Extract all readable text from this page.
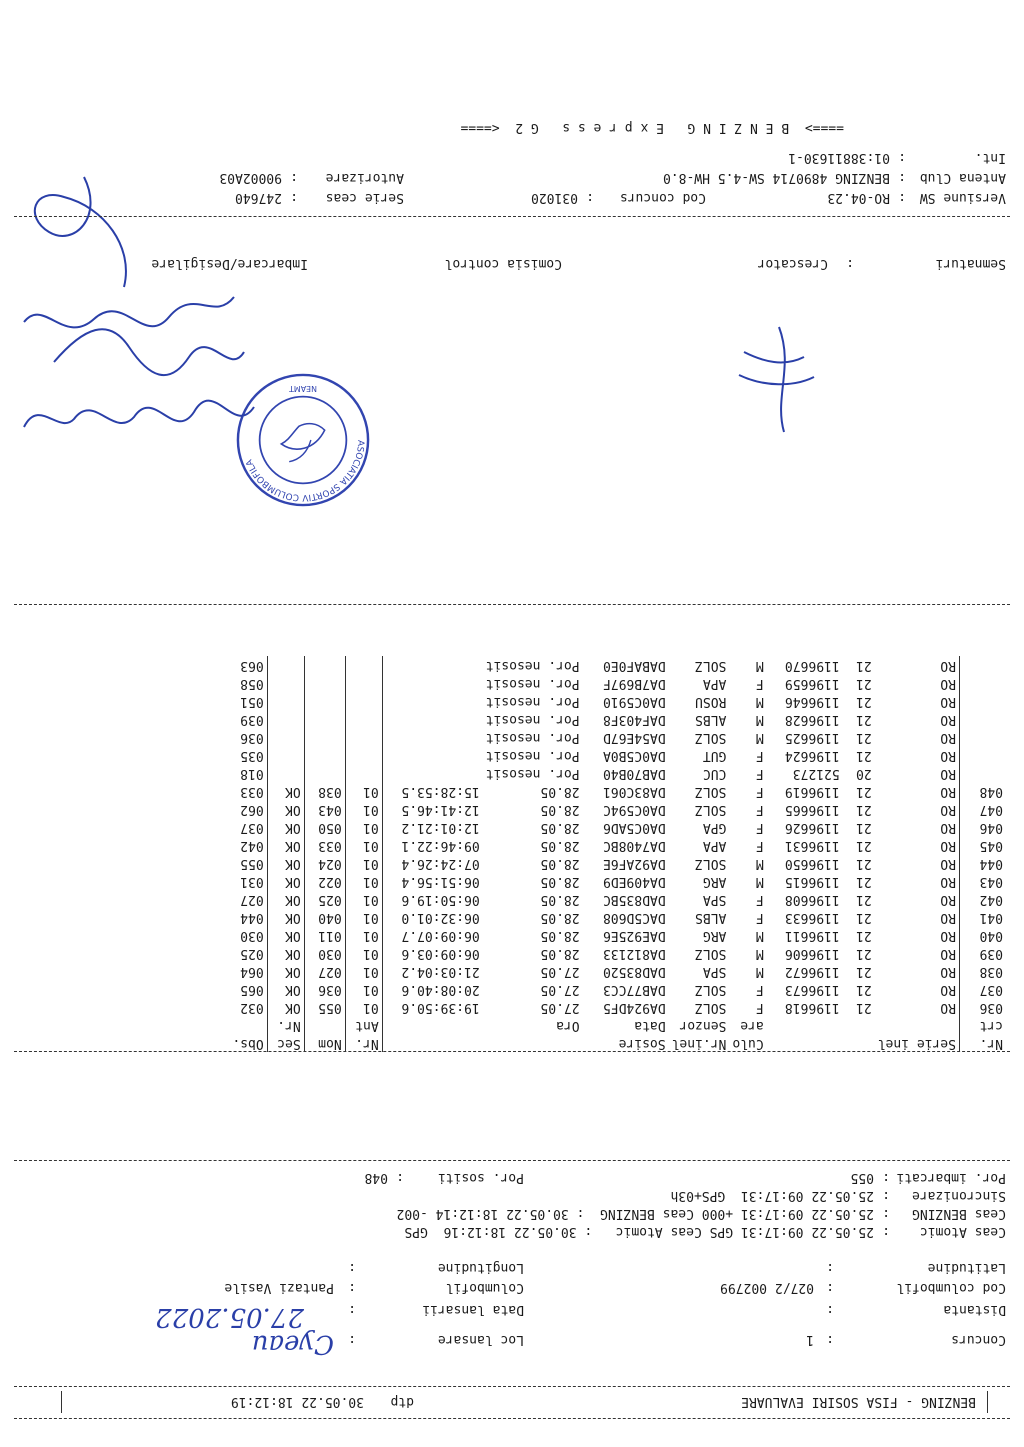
BENZING - FISA SOSIRI EVALUARE
dtp
30.05.22 18:12:19
Concurs
:
1
Loc lansare
:
Cyeau
Distanta
:
Data lansarii
:
27.05.2022
Cod columbofil
:
027/2 002799
Columbofil
:
Pantazi Vasile
Latitudine
:
Longitudine
:
Ceas Atomic
:
25.05.22 09:17:31 GPS Ceas Atomic   : 30.05.22 18:12:16  GPS
Ceas BENZING
:
25.05.22 09:17:31 +000 Ceas BENZING  : 30.05.22 18:12:14 -002
Sincronizare
:
25.05.22 09:17:31  GPS+03h
Por. imbarcati
:
055
Por. sositi
:
048
Nr.	Serie inel			Culo	Nr.inel	Sosire			Nr.	Nom	Sec	Obs.
crt				are	Senzor	Data	Ora		Ant		Nr.	
036	RO	21	1196618	F	SOLZ	DA924DF5	27.05	19:39:50.6	01	055	OK	032
037	RO	21	1196673	F	SOLZ	DAB77CC3	27.05	20:08:40.6	01	036	OK	065
038	RO	21	1196672	M	SPA	DAD83520	27.05	21:03:04.2	01	027	OK	064
039	RO	21	1196606	M	SOLZ	DA812133	28.05	06:09:03.6	01	030	OK	025
040	RO	21	1196611	M	ARG	DAE925E6	28.05	06:09:07.7	01	011	OK	030
041	RO	21	1196633	F	ALBS	DAC5D608	28.05	06:32:01.0	01	040	OK	044
042	RO	21	1196608	F	SPA	DAD835BC	28.05	06:50:19.6	01	025	OK	027
043	RO	21	1196615	M	ARG	DA409ED9	28.05	06:51:56.4	01	022	OK	031
044	RO	21	1196650	M	SOLZ	DA92AF6E	28.05	07:24:26.4	01	024	OK	055
045	RO	21	1196631	F	APA	DA7408BC	28.05	09:46:22.1	01	033	OK	042
046	RO	21	1196626	F	GPA	DA0C5AD6	28.05	12:01:21.2	01	050	OK	037
047	RO	21	1196665	F	SOLZ	DA0C594C	28.05	12:41:46.5	01	043	OK	062
048	RO	21	1196619	F	SOLZ	DA83C061	28.05	15:28:53.5	01	038	OK	033
	RO	20	521273	F	CUC	DAB70B40	Por. nesosit					018
	RO	21	1196624	F	GUT	DA0C5B0A	Por. nesosit					035
	RO	21	1196625	M	SOLZ	DA54E67D	Por. nesosit					036
	RO	21	1196628	M	ALBS	DAF403F8	Por. nesosit					039
	RO	21	1196646	M	ROSU	DA0C5910	Por. nesosit					051
	RO	21	1196659	F	APA	DA7B697F	Por. nesosit					058
	RO	21	1196670	M	SOLZ	DABAF0E0	Por. nesosit					063
ASOCIATIA SPORTIV COLUMBOFILA
NEAMT
Semnaturi
:
Crescator
Comisia control
Imbarcare/Desigilare
Versiune SW
:
RO-04.23
Cod concurs
:
031020
Serie ceas
:
247640
Antena Club
:
BENZING 4890714 SW-4.5 HW-8.0
Autorizare
:
90002A03
Int.
:
01:38811630-1
====>  B E N Z I N G   E x p r e s s   G 2  <====
